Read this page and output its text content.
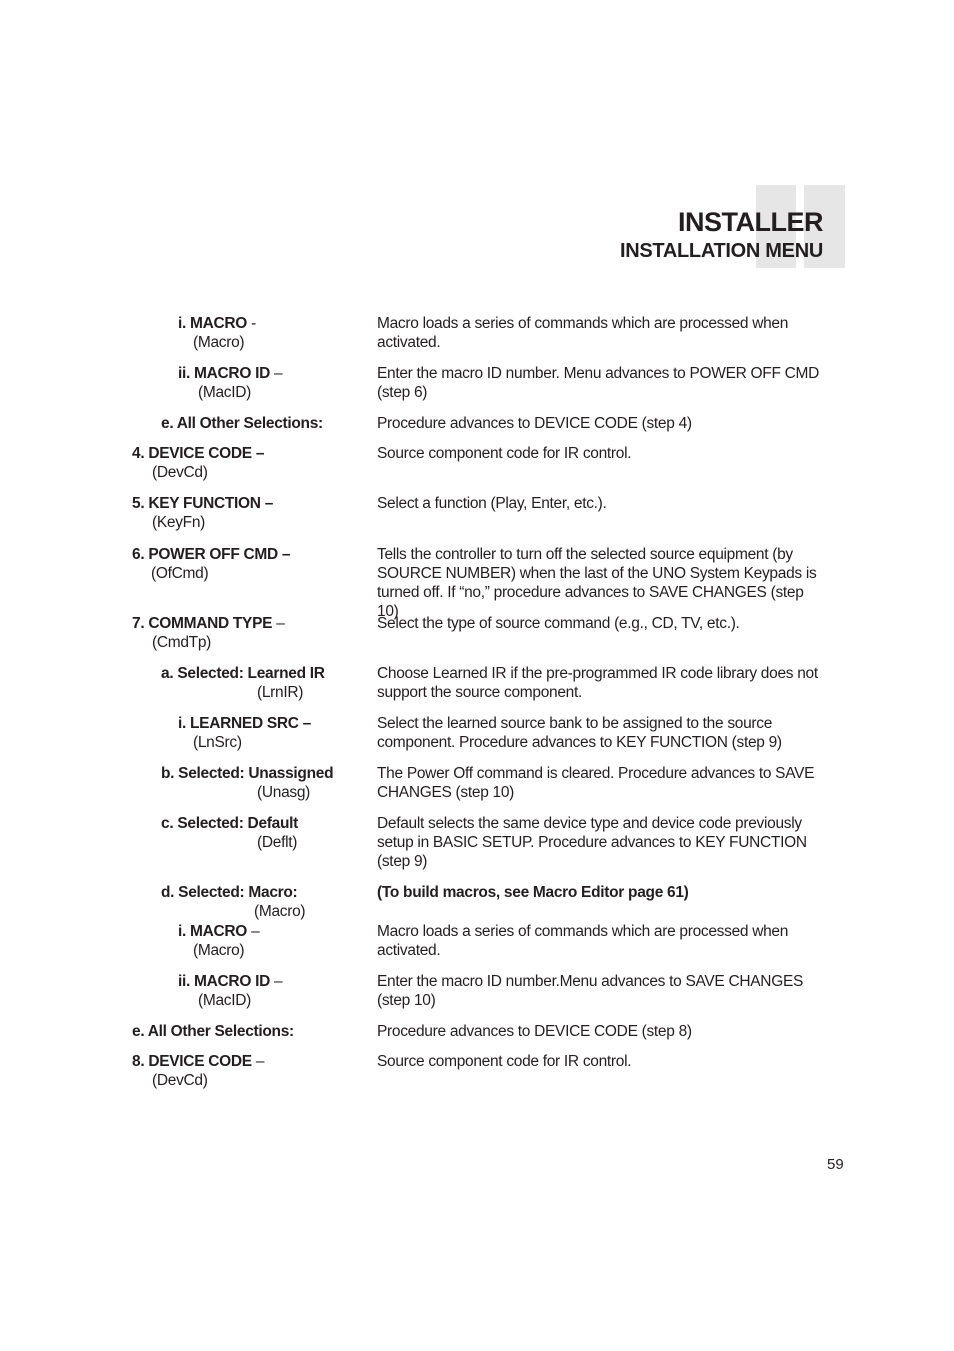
INSTALLER
INSTALLATION MENU
i. MACRO -
(Macro)
Macro loads a series of commands which are processed when activated.
ii. MACRO ID –
(MacID)
Enter the macro ID number. Menu advances to POWER OFF CMD (step 6)
e. All Other Selections:	Procedure advances to DEVICE CODE (step 4)
4. DEVICE CODE –
(DevCd)
Source component code for IR control.
5. KEY FUNCTION –
(KeyFn)
Select a function (Play, Enter, etc.).
6. POWER OFF CMD –
(OfCmd)
Tells the controller to turn off the selected source equipment (by SOURCE NUMBER) when the last of the UNO System Keypads is turned off. If “no,” procedure advances to SAVE CHANGES (step 10)
7. COMMAND TYPE –
(CmdTp)
Select the type of source command (e.g., CD, TV, etc.).
a. Selected: Learned IR
(LrnIR)
Choose Learned IR if the pre-programmed IR code library does not support the source component.
i. LEARNED SRC –
(LnSrc)
Select the learned source bank to be assigned to the source component. Procedure advances to KEY FUNCTION (step 9)
b. Selected: Unassigned
(Unasg)
The Power Off command is cleared. Procedure advances to SAVE CHANGES (step 10)
c. Selected: Default
(Deflt)
Default selects the same device type and device code previously setup in BASIC SETUP. Procedure advances to KEY FUNCTION (step 9)
d. Selected: Macro:
(Macro)
(To build macros, see Macro Editor page 61)
i. MACRO –
(Macro)
Macro loads a series of commands which are processed when activated.
ii. MACRO ID –
(MacID)
Enter the macro ID number.Menu advances to SAVE CHANGES (step 10)
e. All Other Selections:	Procedure advances to DEVICE CODE (step 8)
8. DEVICE CODE –
(DevCd)
Source component code for IR control.
59
